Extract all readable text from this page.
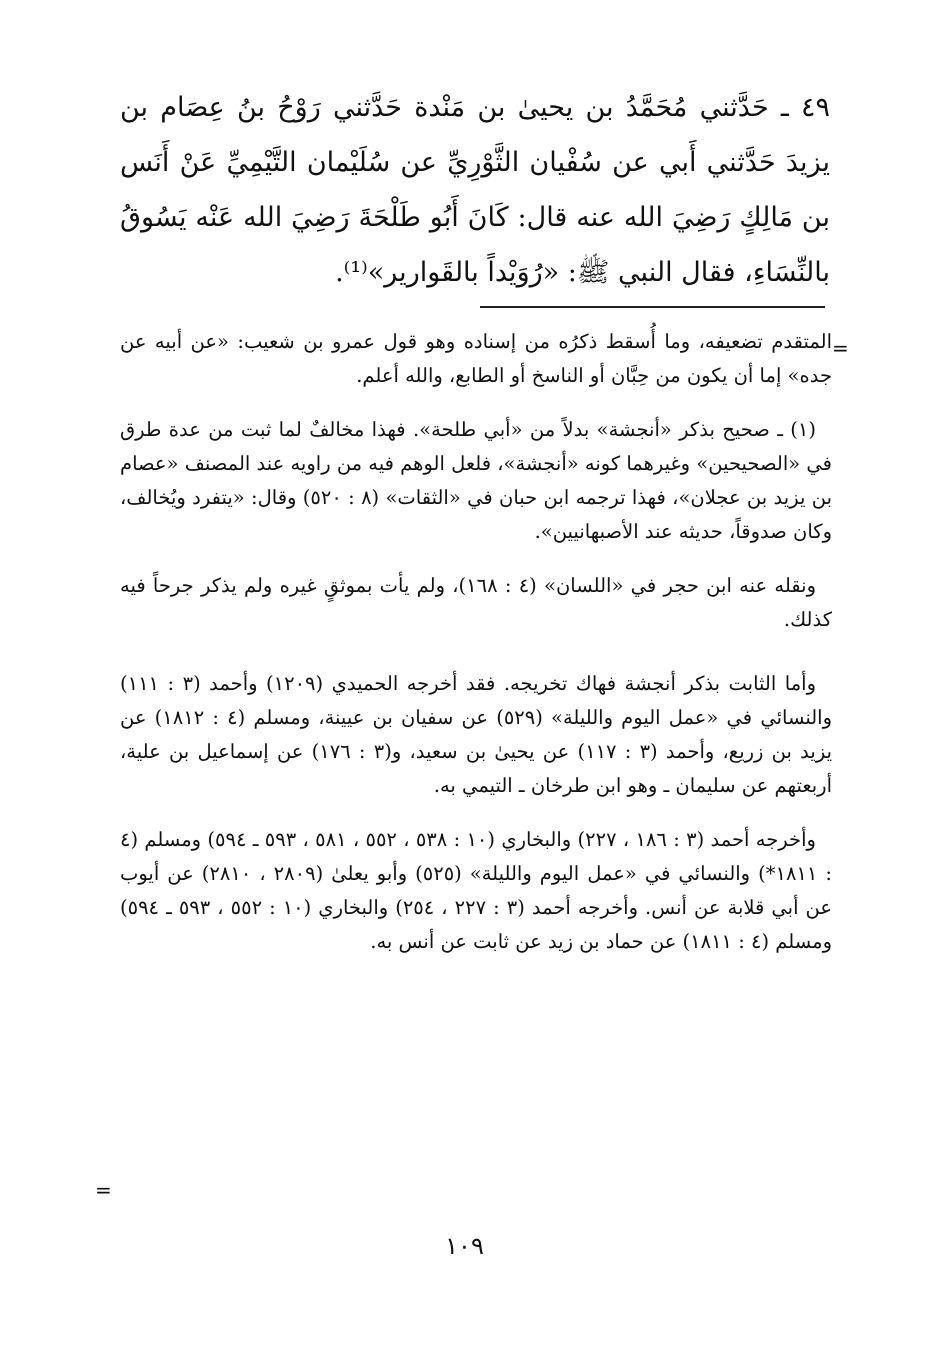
٤٩ ـ حَدَّثني مُحَمَّدُ بن يحيىٰ بن مَنْدة حَدَّثني رَوْحُ بنُ عِصَام بن يزيدَ حَدَّثني أَبي عن سُفْيان الثَّوْرِيِّ عن سُلَيْمان التَّيْمِيِّ عَنْ أَنَس بن مَالِكٍ رَضِيَ الله عنه قال: كَانَ أَبُو طَلْحَةَ رَضِيَ الله عَنْه يَسُوقُ بالنِّسَاءِ، فقال النبي ﷺ: «رُوَيْداً بالقَوارير»⁽¹⁾.

=

المتقدم تضعيفه، وما أُسقط ذكرُه من إسناده وهو قول عمرو بن شعيب: «عن أبيه عن جده» إما أن يكون من حِبَّان أو الناسخ أو الطابع، والله أعلم.

(١) ـ صحيح بذكر «أنجشة» بدلاً من «أبي طلحة». فهذا مخالفٌ لما ثبت من عدة طرق في «الصحيحين» وغيرهما كونه «أنجشة»، فلعل الوهم فيه من راويه عند المصنف «عصام بن يزيد بن عجلان»، فهذا ترجمه ابن حبان في «الثقات» (٨ : ٥٢٠) وقال: «يتفرد ويُخالف، وكان صدوقاً، حديثه عند الأصبهانيين».

ونقله عنه ابن حجر في «اللسان» (٤ : ١٦٨)، ولم يأت بموثقٍ غيره ولم يذكر جرحاً فيه كذلك.

وأما الثابت بذكر أنجشة فهاك تخريجه. فقد أخرجه الحميدي (١٢٠٩) وأحمد (٣ : ١١١) والنسائي في «عمل اليوم والليلة» (٥٢٩) عن سفيان بن عيينة، ومسلم (٤ : ١٨١٢) عن يزيد بن زريع، وأحمد (٣ : ١١٧) عن يحيىٰ بن سعيد، و(٣ : ١٧٦) عن إسماعيل بن علية، أربعتهم عن سليمان ـ وهو ابن طرخان ـ التيمي به.

وأخرجه أحمد (٣ : ١٨٦ ، ٢٢٧) والبخاري (١٠ : ٥٣٨ ، ٥٥٢ ، ٥٨١ ، ٥٩٣ ـ ٥٩٤) ومسلم (٤ : ١٨١١*) والنسائي في «عمل اليوم والليلة» (٥٢٥) وأبو يعلىٰ (٢٨٠٩ ، ٢٨١٠) عن أيوب عن أبي قلابة عن أنس. وأخرجه أحمد (٣ : ٢٢٧ ، ٢٥٤) والبخاري (١٠ : ٥٥٢ ، ٥٩٣ ـ ٥٩٤) ومسلم (٤ : ١٨١١) عن حماد بن زيد عن ثابت عن أنس به.

=
١٠٩
